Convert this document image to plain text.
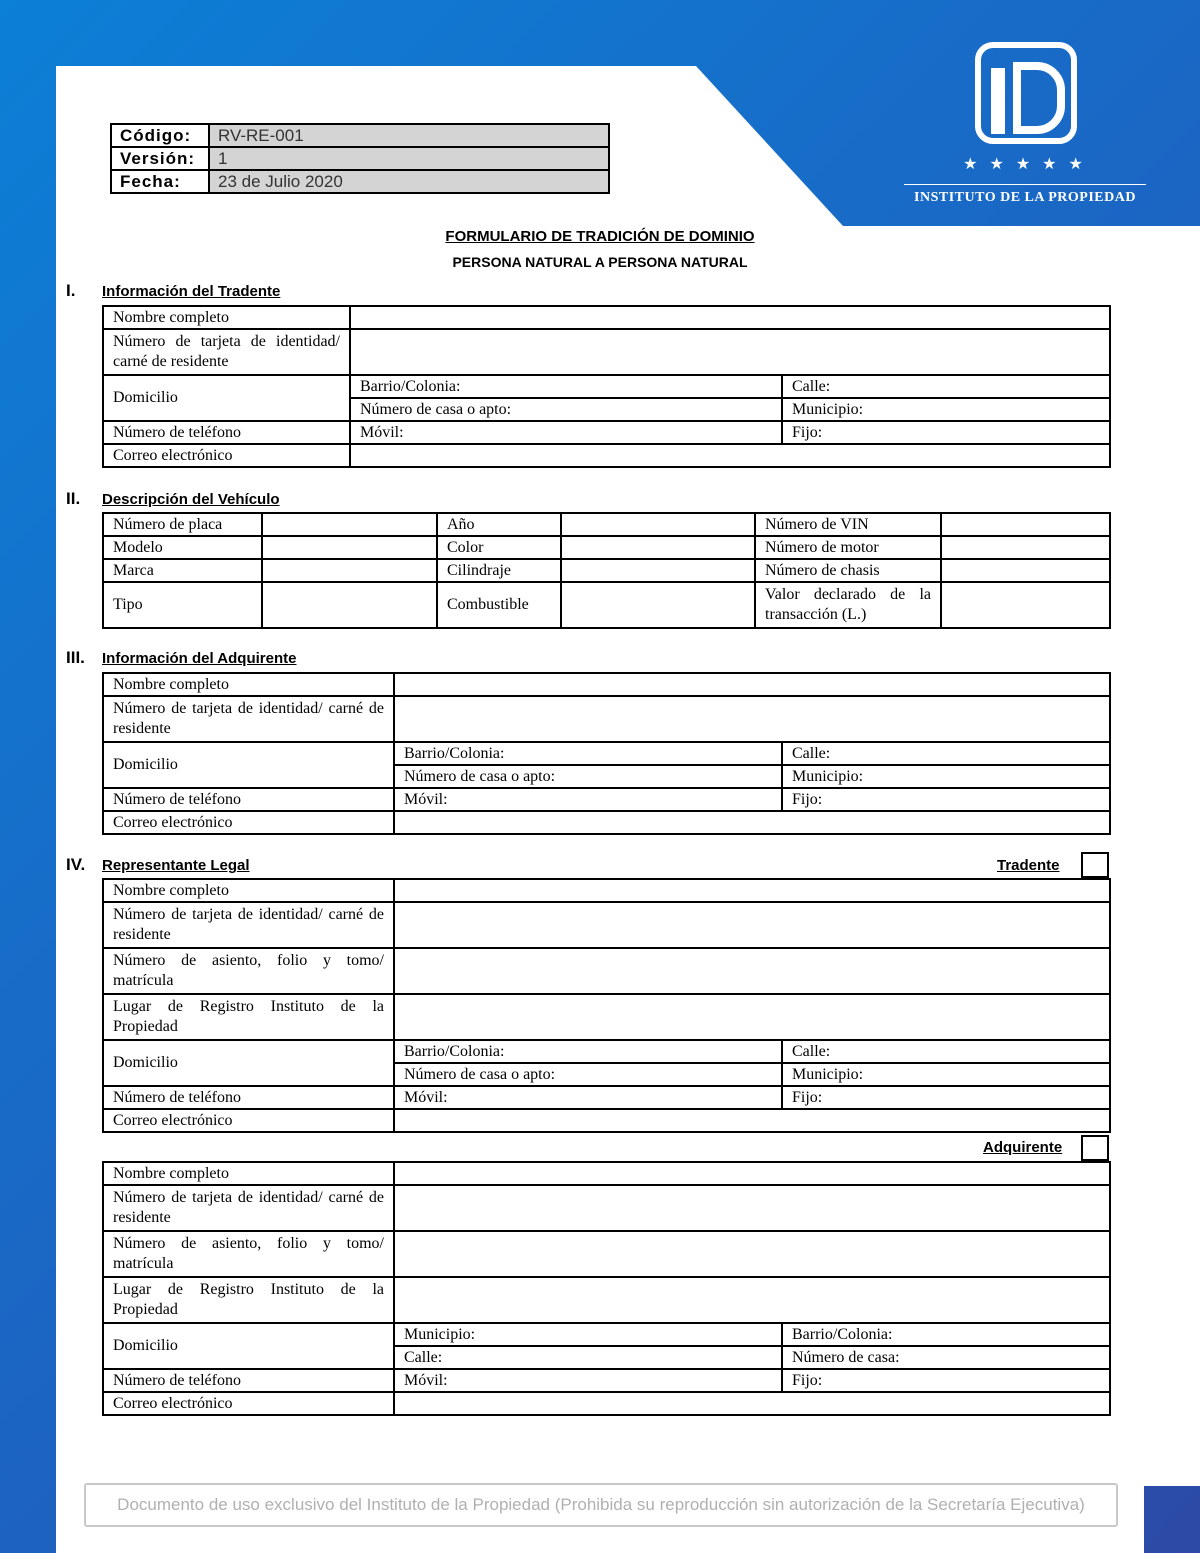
★ ★ ★ ★ ★
INSTITUTO DE LA PROPIEDAD
Código:	RV-RE-001
Versión:	1
Fecha:	23 de Julio 2020
FORMULARIO DE TRADICIÓN DE DOMINIO
PERSONA NATURAL A PERSONA NATURAL
I. Información del Tradente
Nombre completo		
Número de tarjeta de identidad/ carné de residente		
Domicilio	Barrio/Colonia:	Calle:
	Número de casa o apto:	Municipio:
Número de teléfono	Móvil:	Fijo:
Correo electrónico		
II. Descripción del Vehículo
Número de placa		Año		Número de VIN	
Modelo		Color		Número de motor	
Marca		Cilindraje		Número de chasis	
Tipo		Combustible		Valor declarado de la transacción (L.)	
III. Información del Adquirente
Nombre completo		
Número de tarjeta de identidad/ carné de residente		
Domicilio	Barrio/Colonia:	Calle:
	Número de casa o apto:	Municipio:
Número de teléfono	Móvil:	Fijo:
Correo electrónico		
IV. Representante Legal	Tradente
Nombre completo		
Número de tarjeta de identidad/ carné de residente		
Número de asiento, folio y tomo/ matrícula		
Lugar de Registro Instituto de la Propiedad		
Domicilio	Barrio/Colonia:	Calle:
	Número de casa o apto:	Municipio:
Número de teléfono	Móvil:	Fijo:
Correo electrónico		
Adquirente
Nombre completo		
Número de tarjeta de identidad/ carné de residente		
Número de asiento, folio y tomo/ matrícula		
Lugar de Registro Instituto de la Propiedad		
Domicilio	Municipio:	Barrio/Colonia:
	Calle:	Número de casa:
Número de teléfono	Móvil:	Fijo:
Correo electrónico		
Documento de uso exclusivo del Instituto de la Propiedad (Prohibida su reproducción sin autorización de la Secretaría Ejecutiva)
